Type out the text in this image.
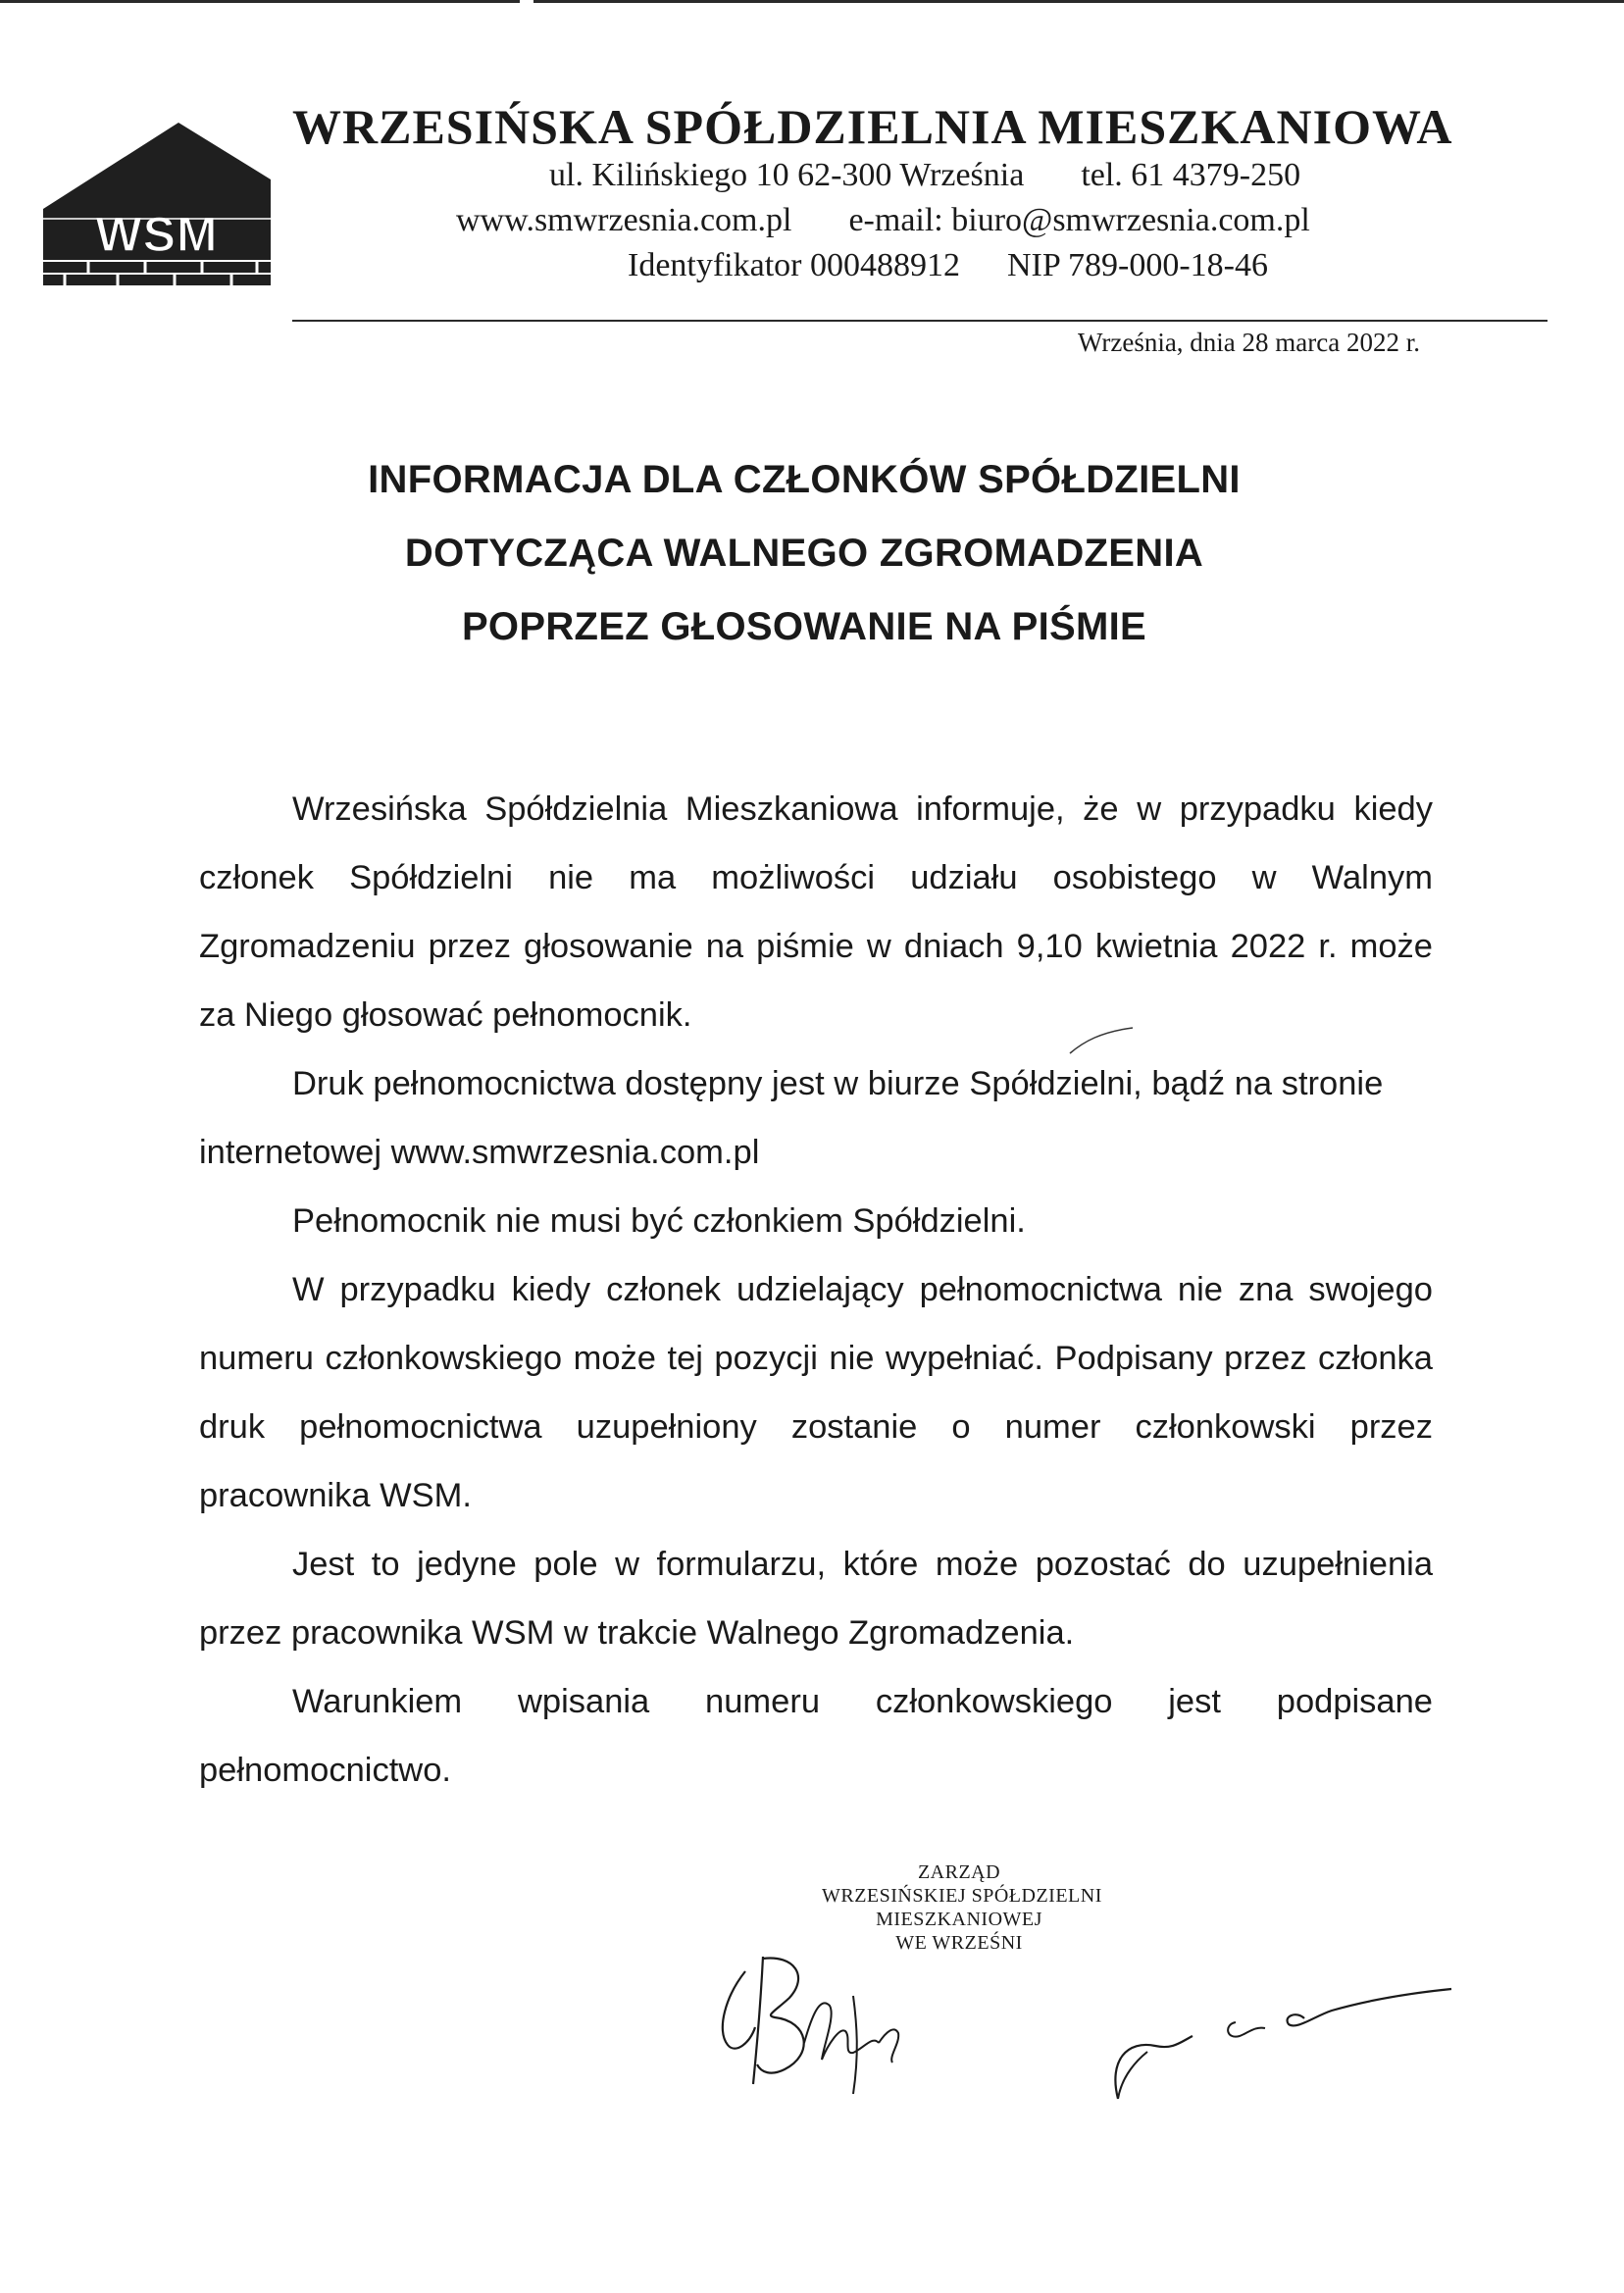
WSM
WRZESIŃSKA SPÓŁDZIELNIA MIESZKANIOWA
ul. Kilińskiego 10 62-300 Września tel. 61 4379-250
www.smwrzesnia.com.pl e-mail: biuro@smwrzesnia.com.pl
Identyfikator 000488912 NIP 789-000-18-46
Września, dnia 28 marca 2022 r.
INFORMACJA DLA CZŁONKÓW SPÓŁDZIELNI
DOTYCZĄCA WALNEGO ZGROMADZENIA
POPRZEZ GŁOSOWANIE NA PIŚMIE

Wrzesińska Spółdzielnia Mieszkaniowa informuje, że w przypadku kiedy członek Spółdzielni nie ma możliwości udziału osobistego w Walnym Zgromadzeniu przez głosowanie na piśmie w dniach 9,10 kwietnia 2022 r. może za Niego głosować pełnomocnik.

Druk pełnomocnictwa dostępny jest w biurze Spółdzielni, bądź na stronie internetowej www.smwrzesnia.com.pl

Pełnomocnik nie musi być członkiem Spółdzielni.

W przypadku kiedy członek udzielający pełnomocnictwa nie zna swojego numeru członkowskiego może tej pozycji nie wypełniać. Podpisany przez członka druk pełnomocnictwa uzupełniony zostanie o numer członkowski przez pracownika WSM.

Jest to jedyne pole w formularzu, które może pozostać do uzupełnienia przez pracownika WSM w trakcie Walnego Zgromadzenia.

Warunkiem wpisania numeru członkowskiego jest podpisane pełnomocnictwo.

ZARZĄD
WRZESIŃSKIEJ SPÓŁDZIELNI
MIESZKANIOWEJ
WE WRZEŚNI
